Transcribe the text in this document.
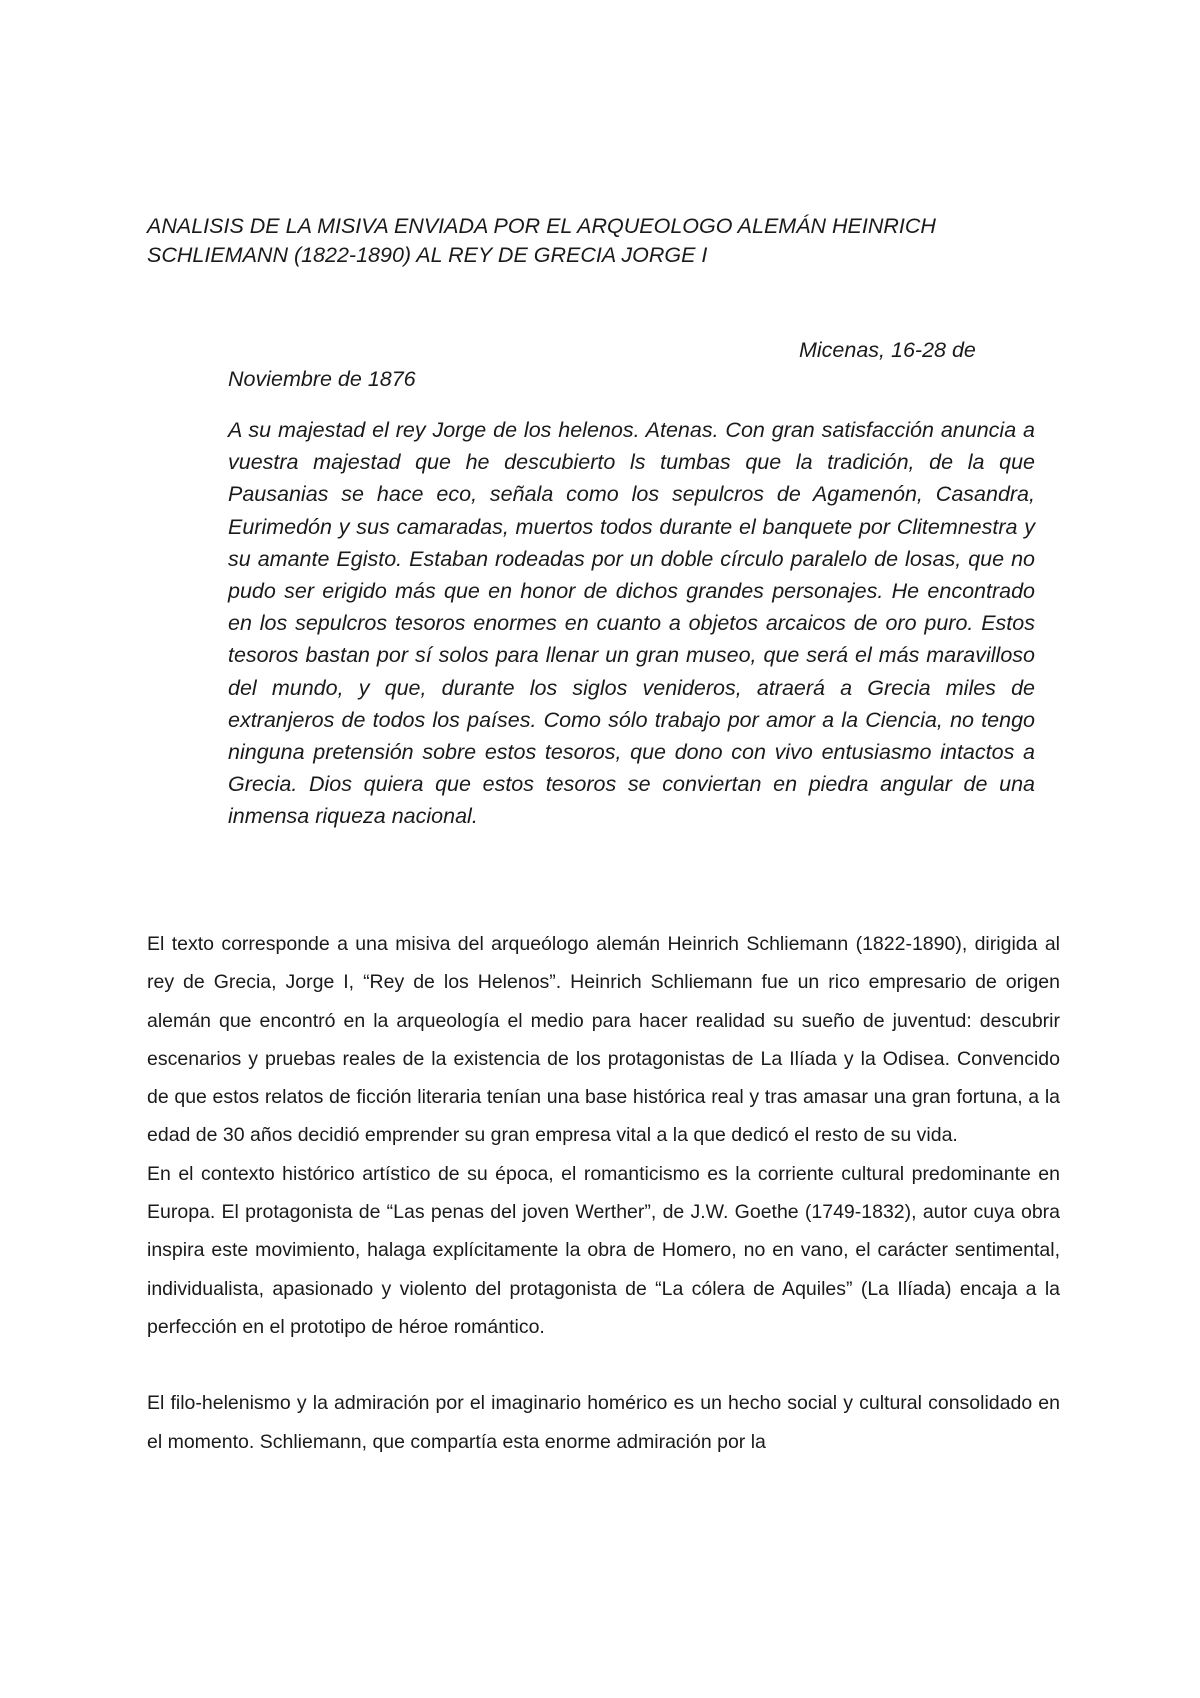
ANALISIS DE LA MISIVA ENVIADA POR EL ARQUEOLOGO ALEMÁN HEINRICH SCHLIEMANN (1822-1890) AL REY DE GRECIA JORGE I

Micenas, 16-28 de Noviembre de 1876

A su majestad el rey Jorge de los helenos. Atenas. Con gran satisfacción anuncia a vuestra majestad que he descubierto ls tumbas que la tradición, de la que Pausanias se hace eco, señala como los sepulcros de Agamenón, Casandra, Eurimedón y sus camaradas, muertos todos durante el banquete por Clitemnestra y su amante Egisto. Estaban rodeadas por un doble círculo paralelo de losas, que no pudo ser erigido más que en honor de dichos grandes personajes. He encontrado en los sepulcros tesoros enormes en cuanto a objetos arcaicos de oro puro. Estos tesoros bastan por sí solos para llenar un gran museo, que será el más maravilloso del mundo, y que, durante los siglos venideros, atraerá a Grecia miles de extranjeros de todos los países. Como sólo trabajo por amor a la Ciencia, no tengo ninguna pretensión sobre estos tesoros, que dono con vivo entusiasmo intactos a Grecia. Dios quiera que estos tesoros se conviertan en piedra angular de una inmensa riqueza nacional.

El texto corresponde a una misiva del arqueólogo alemán Heinrich Schliemann (1822-1890), dirigida al rey de Grecia, Jorge I, “Rey de los Helenos”. Heinrich Schliemann fue un rico empresario de origen alemán que encontró en la arqueología el medio para hacer realidad su sueño de juventud: descubrir escenarios y pruebas reales de la existencia de los protagonistas de La Ilíada y la Odisea. Convencido de que estos relatos de ficción literaria tenían una base histórica real y tras amasar una gran fortuna, a la edad de 30 años decidió emprender su gran empresa vital a la que dedicó el resto de su vida.

En el contexto histórico artístico de su época, el romanticismo es la corriente cultural predominante en Europa. El protagonista de “Las penas del joven Werther”, de J.W. Goethe (1749-1832), autor cuya obra inspira este movimiento, halaga explícitamente la obra de Homero, no en vano, el carácter sentimental, individualista, apasionado y violento del protagonista de “La cólera de Aquiles” (La Ilíada) encaja a la perfección en el prototipo de héroe romántico.

El filo-helenismo y la admiración por el imaginario homérico es un hecho social y cultural consolidado en el momento. Schliemann, que compartía esta enorme admiración por la
